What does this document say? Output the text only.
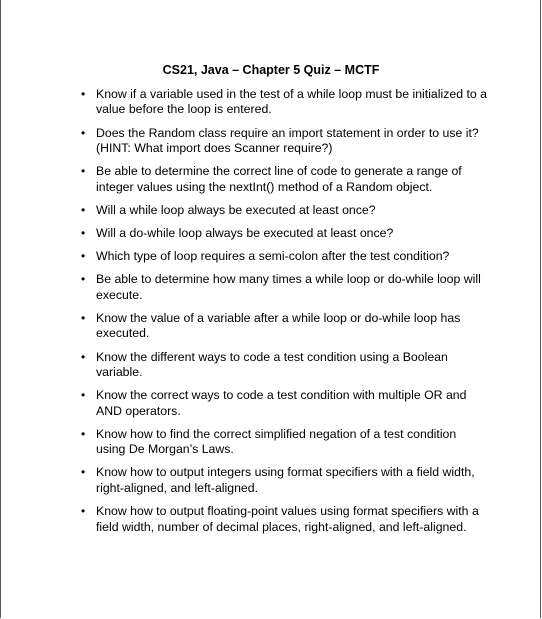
CS21, Java – Chapter 5 Quiz – MCTF
• Know if a variable used in the test of a while loop must be initialized to a value before the loop is entered.
• Does the Random class require an import statement in order to use it? (HINT: What import does Scanner require?)
• Be able to determine the correct line of code to generate a range of integer values using the nextInt() method of a Random object.
• Will a while loop always be executed at least once?
• Will a do-while loop always be executed at least once?
• Which type of loop requires a semi-colon after the test condition?
• Be able to determine how many times a while loop or do-while loop will execute.
• Know the value of a variable after a while loop or do-while loop has executed.
• Know the different ways to code a test condition using a Boolean variable.
• Know the correct ways to code a test condition with multiple OR and AND operators.
• Know how to find the correct simplified negation of a test condition using De Morgan’s Laws.
• Know how to output integers using format specifiers with a field width, right-aligned, and left-aligned.
• Know how to output floating-point values using format specifiers with a field width, number of decimal places, right-aligned, and left-aligned.
